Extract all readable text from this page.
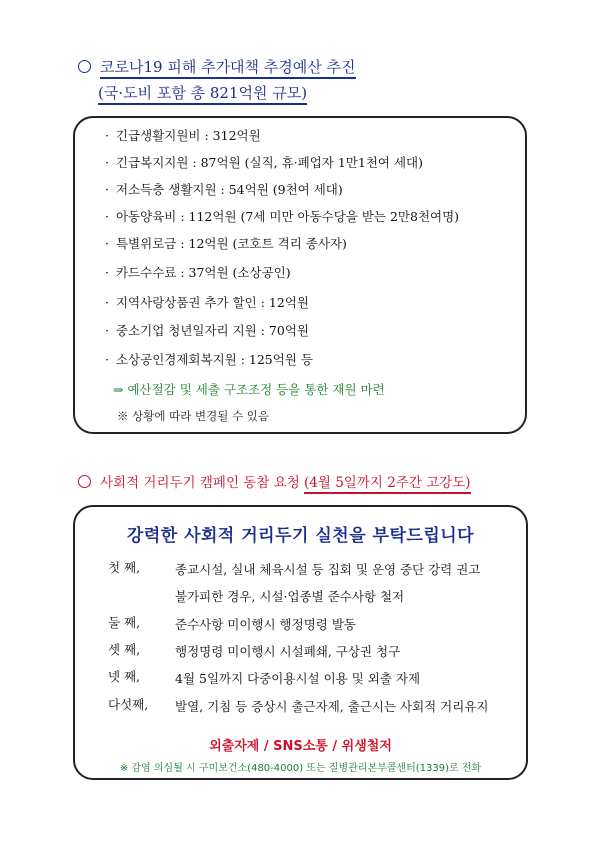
코로나19 피해 추가대책 추경예산 추진
(국·도비 포함 총 821억원 규모)
· 긴급생활지원비 : 312억원
· 긴급복지지원 : 87억원 (실직, 휴·폐업자 1만1천여 세대)
· 저소득층 생활지원 : 54억원 (9천여 세대)
· 아동양육비 : 112억원 (7세 미만 아동수당을 받는 2만8천여명)
· 특별위로금 : 12억원 (코호트 격리 종사자)
· 카드수수료 : 37억원 (소상공인)
· 지역사랑상품권 추가 할인 : 12억원
· 중소기업 청년일자리 지원 : 70억원
· 소상공인경제회복지원 : 125억원 등
⇒ 예산절감 및 세출 구조조정 등을 통한 재원 마련
※ 상황에 따라 변경될 수 있음
사회적 거리두기 캠페인 동참 요청 (4월 5일까지 2주간 고강도)
강력한 사회적 거리두기 실천을 부탁드립니다
첫 째,	종교시설, 실내 체육시설 등 집회 및 운영 중단 강력 권고
불가피한 경우, 시설·업종별 준수사항 철저
둘 째,	준수사항 미이행시 행정명령 발동
셋 째,	행정명령 미이행시 시설폐쇄, 구상권 청구
넷 째,	4월 5일까지 다중이용시설 이용 및 외출 자제
다섯째,	발열, 기침 등 증상시 출근자제, 출근시는 사회적 거리유지
외출자제 / SNS소통 / 위생철저
※ 감염 의심될 시 구미보건소(480-4000) 또는 질병관리본부콜센터(1339)로 전화
